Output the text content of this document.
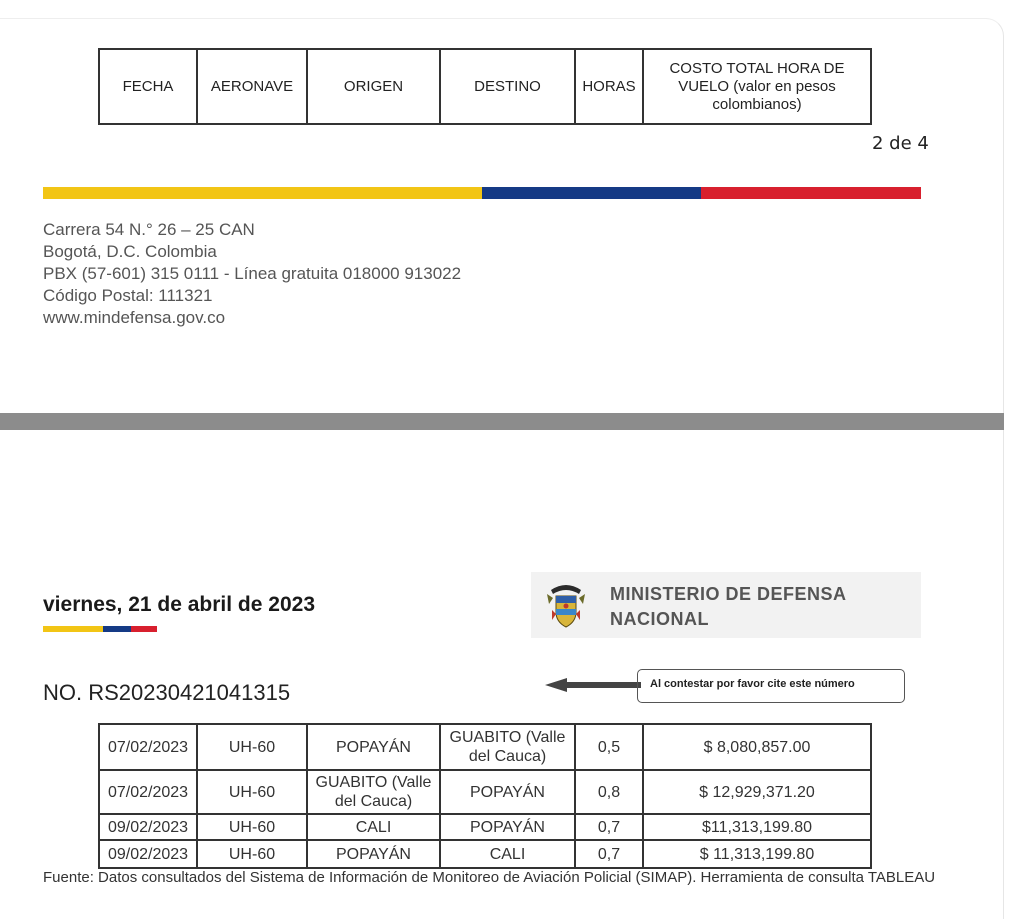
FECHA	AERONAVE	ORIGEN	DESTINO	HORAS	COSTO TOTAL HORA DE VUELO (valor en pesos colombianos)
2 de 4
Carrera 54 N.° 26 – 25 CAN
Bogotá, D.C. Colombia
PBX (57-601) 315 0111 - Línea gratuita 018000 913022
Código Postal: 111321
www.mindefensa.gov.co
viernes, 21 de abril de 2023	MINISTERIO DE DEFENSA
NACIONAL
NO. RS20230421041315	Al contestar por favor cite este número
07/02/2023	UH-60	POPAYÁN	GUABITO (Valle del Cauca)	0,5	$ 8,080,857.00
07/02/2023	UH-60	GUABITO (Valle del Cauca)	POPAYÁN	0,8	$ 12,929,371.20
09/02/2023	UH-60	CALI	POPAYÁN	0,7	$11,313,199.80
09/02/2023	UH-60	POPAYÁN	CALI	0,7	$ 11,313,199.80
Fuente: Datos consultados del Sistema de Información de Monitoreo de Aviación Policial (SIMAP). Herramienta de consulta TABLEAU
